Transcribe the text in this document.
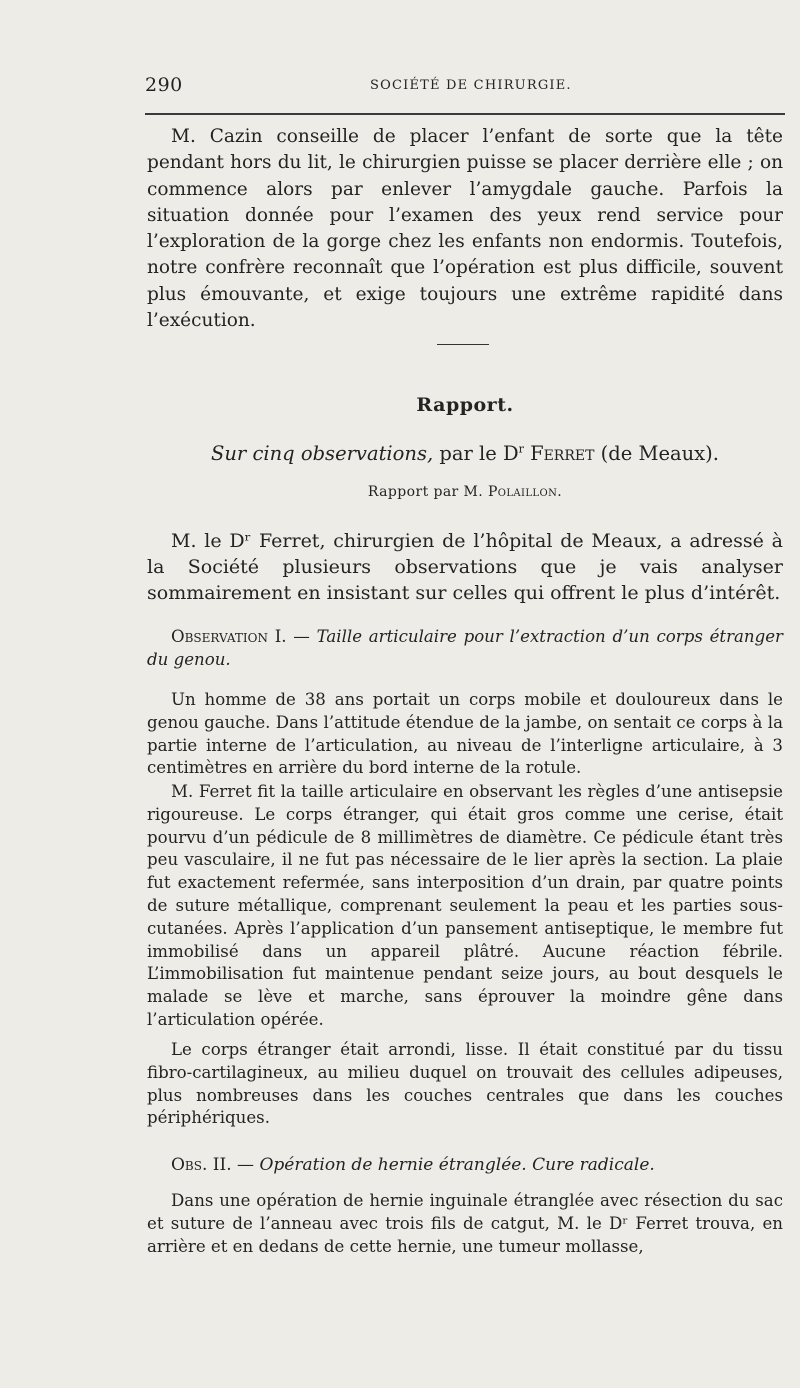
290	SOCIÉTÉ DE CHIRURGIE.

M. Cazin conseille de placer l’enfant de sorte que la tête pendant hors du lit, le chirurgien puisse se placer derrière elle ; on commence alors par enlever l’amygdale gauche. Parfois la situation donnée pour l’examen des yeux rend service pour l’exploration de la gorge chez les enfants non endormis. Toutefois, notre confrère reconnaît que l’opération est plus difficile, souvent plus émouvante, et exige toujours une extrême rapidité dans l’exécution.

Rapport.
Sur cinq observations, par le $D^r$ Ferret (de Meaux).
Rapport par M. Polaillon.

M. le Dʳ Ferret, chirurgien de l’hôpital de Meaux, a adressé à la Société plusieurs observations que je vais analyser sommairement en insistant sur celles qui offrent le plus d’intérêt.

Observation I. — Taille articulaire pour l’extraction d’un corps étranger du genou.

Un homme de 38 ans portait un corps mobile et douloureux dans le genou gauche. Dans l’attitude étendue de la jambe, on sentait ce corps à la partie interne de l’articulation, au niveau de l’interligne articulaire, à 3 centimètres en arrière du bord interne de la rotule.

M. Ferret fit la taille articulaire en observant les règles d’une antisepsie rigoureuse. Le corps étranger, qui était gros comme une cerise, était pourvu d’un pédicule de 8 millimètres de diamètre. Ce pédicule étant très peu vasculaire, il ne fut pas nécessaire de le lier après la section. La plaie fut exactement refermée, sans interposition d’un drain, par quatre points de suture métallique, comprenant seulement la peau et les parties sous-cutanées. Après l’application d’un pansement antiseptique, le membre fut immobilisé dans un appareil plâtré. Aucune réaction fébrile. L’immobilisation fut maintenue pendant seize jours, au bout desquels le malade se lève et marche, sans éprouver la moindre gêne dans l’articulation opérée.

Le corps étranger était arrondi, lisse. Il était constitué par du tissu fibro-cartilagineux, au milieu duquel on trouvait des cellules adipeuses, plus nombreuses dans les couches centrales que dans les couches périphériques.

Obs. II. — Opération de hernie étranglée. Cure radicale.

Dans une opération de hernie inguinale étranglée avec résection du sac et suture de l’anneau avec trois fils de catgut, M. le Dʳ Ferret trouva, en arrière et en dedans de cette hernie, une tumeur mollasse,
